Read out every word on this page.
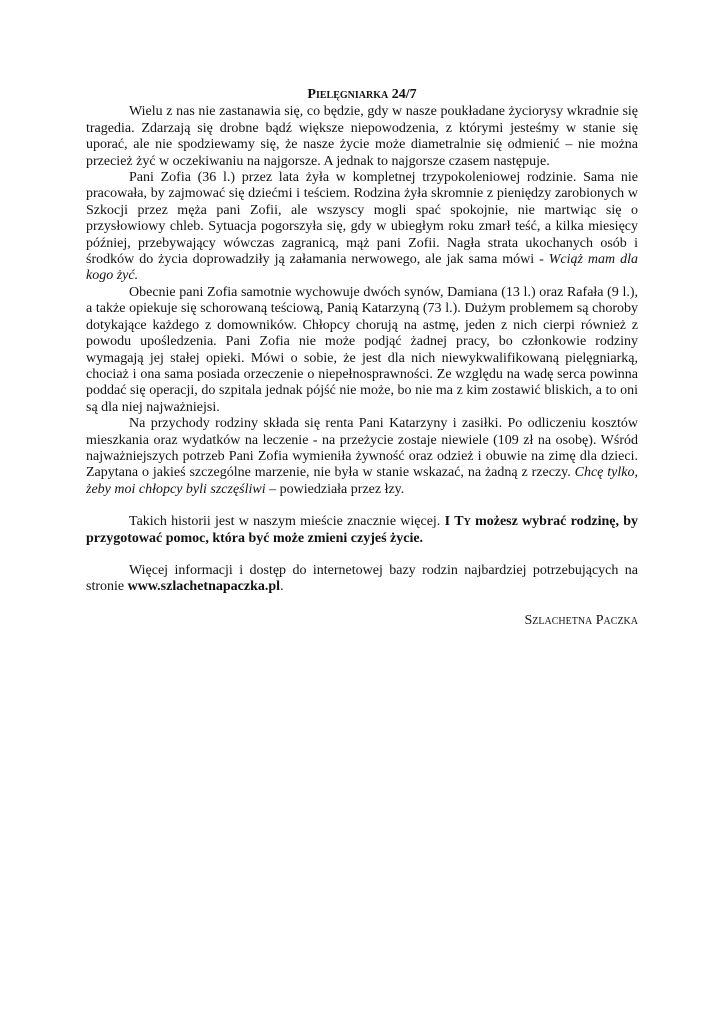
Pielęgniarka 24/7

Wielu z nas nie zastanawia się, co będzie, gdy w nasze poukładane życiorysy wkradnie się tragedia. Zdarzają się drobne bądź większe niepowodzenia, z którymi jesteśmy w stanie się uporać, ale nie spodziewamy się, że nasze życie może diametralnie się odmienić – nie można przecież żyć w oczekiwaniu na najgorsze. A jednak to najgorsze czasem następuje.

Pani Zofia (36 l.) przez lata żyła w kompletnej trzypokoleniowej rodzinie. Sama nie pracowała, by zajmować się dziećmi i teściem. Rodzina żyła skromnie z pieniędzy zarobionych w Szkocji przez męża pani Zofii, ale wszyscy mogli spać spokojnie, nie martwiąc się o przysłowiowy chleb. Sytuacja pogorszyła się, gdy w ubiegłym roku zmarł teść, a kilka miesięcy później, przebywający wówczas zagranicą, mąż pani Zofii. Nagła strata ukochanych osób i środków do życia doprowadziły ją załamania nerwowego, ale jak sama mówi - Wciąż mam dla kogo żyć.

Obecnie pani Zofia samotnie wychowuje dwóch synów, Damiana (13 l.) oraz Rafała (9 l.), a także opiekuje się schorowaną teściową, Panią Katarzyną (73 l.). Dużym problemem są choroby dotykające każdego z domowników. Chłopcy chorują na astmę, jeden z nich cierpi również z powodu upośledzenia. Pani Zofia nie może podjąć żadnej pracy, bo członkowie rodziny wymagają jej stałej opieki. Mówi o sobie, że jest dla nich niewykwalifikowaną pielęgniarką, chociaż i ona sama posiada orzeczenie o niepełnosprawności. Ze względu na wadę serca powinna poddać się operacji, do szpitala jednak pójść nie może, bo nie ma z kim zostawić bliskich, a to oni są dla niej najważniejsi.

Na przychody rodziny składa się renta Pani Katarzyny i zasiłki. Po odliczeniu kosztów mieszkania oraz wydatków na leczenie - na przeżycie zostaje niewiele (109 zł na osobę). Wśród najważniejszych potrzeb Pani Zofia wymieniła żywność oraz odzież i obuwie na zimę dla dzieci. Zapytana o jakieś szczególne marzenie, nie była w stanie wskazać, na żadną z rzeczy. Chcę tylko, żeby moi chłopcy byli szczęśliwi – powiedziała przez łzy.

Takich historii jest w naszym mieście znacznie więcej. I Ty możesz wybrać rodzinę, by przygotować pomoc, która być może zmieni czyjeś życie.

Więcej informacji i dostęp do internetowej bazy rodzin najbardziej potrzebujących na stronie www.szlachetnapaczka.pl.

Szlachetna Paczka
